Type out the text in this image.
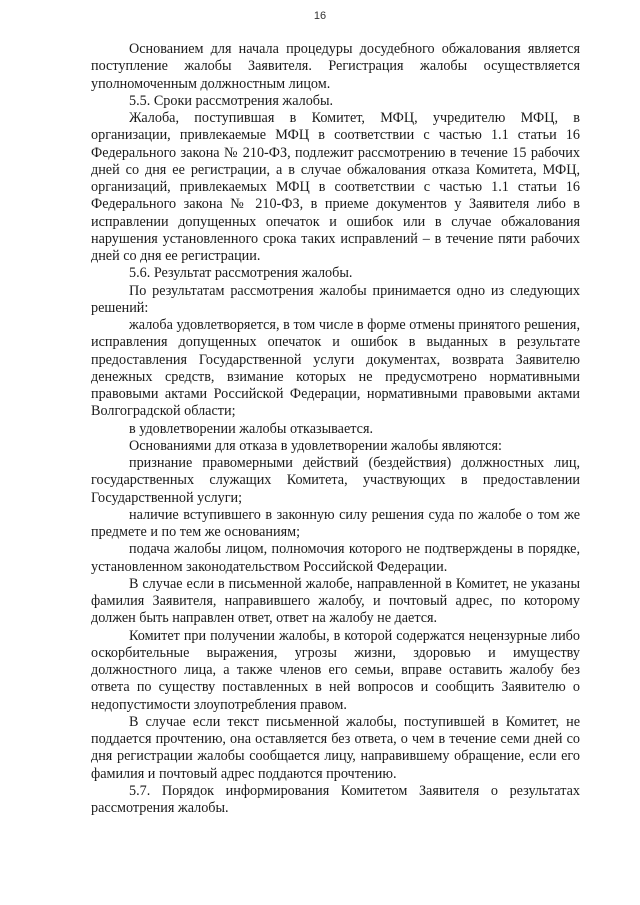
16

Основанием для начала процедуры досудебного обжалования является поступление жалобы Заявителя. Регистрация жалобы осуществляется уполномоченным должностным лицом.

5.5. Сроки рассмотрения жалобы.

Жалоба, поступившая в Комитет, МФЦ, учредителю МФЦ, в организации, привлекаемые МФЦ в соответствии с частью 1.1 статьи 16 Федерального закона № 210-ФЗ, подлежит рассмотрению в течение 15 рабочих дней со дня ее регистрации, а в случае обжалования отказа Комитета, МФЦ, организаций, привлекаемых МФЦ в соответствии с частью 1.1 статьи 16 Федерального закона № 210-ФЗ, в приеме документов у Заявителя либо в исправлении допущенных опечаток и ошибок или в случае обжалования нарушения установленного срока таких исправлений – в течение пяти рабочих дней со дня ее регистрации.

5.6. Результат рассмотрения жалобы.

По результатам рассмотрения жалобы принимается одно из следующих решений:

жалоба удовлетворяется, в том числе в форме отмены принятого решения, исправления допущенных опечаток и ошибок в выданных в результате предоставления Государственной услуги документах, возврата Заявителю денежных средств, взимание которых не предусмотрено нормативными правовыми актами Российской Федерации, нормативными правовыми актами Волгоградской области;

в удовлетворении жалобы отказывается.

Основаниями для отказа в удовлетворении жалобы являются:

признание правомерными действий (бездействия) должностных лиц, государственных служащих Комитета, участвующих в предоставлении Государственной услуги;

наличие вступившего в законную силу решения суда по жалобе о том же предмете и по тем же основаниям;

подача жалобы лицом, полномочия которого не подтверждены в порядке, установленном законодательством Российской Федерации.

В случае если в письменной жалобе, направленной в Комитет, не указаны фамилия Заявителя, направившего жалобу, и почтовый адрес, по которому должен быть направлен ответ, ответ на жалобу не дается.

Комитет при получении жалобы, в которой содержатся нецензурные либо оскорбительные выражения, угрозы жизни, здоровью и имуществу должностного лица, а также членов его семьи, вправе оставить жалобу без ответа по существу поставленных в ней вопросов и сообщить Заявителю о недопустимости злоупотребления правом.

В случае если текст письменной жалобы, поступившей в Комитет, не поддается прочтению, она оставляется без ответа, о чем в течение семи дней со дня регистрации жалобы сообщается лицу, направившему обращение, если его фамилия и почтовый адрес поддаются прочтению.

5.7. Порядок информирования Комитетом Заявителя о результатах рассмотрения жалобы.
